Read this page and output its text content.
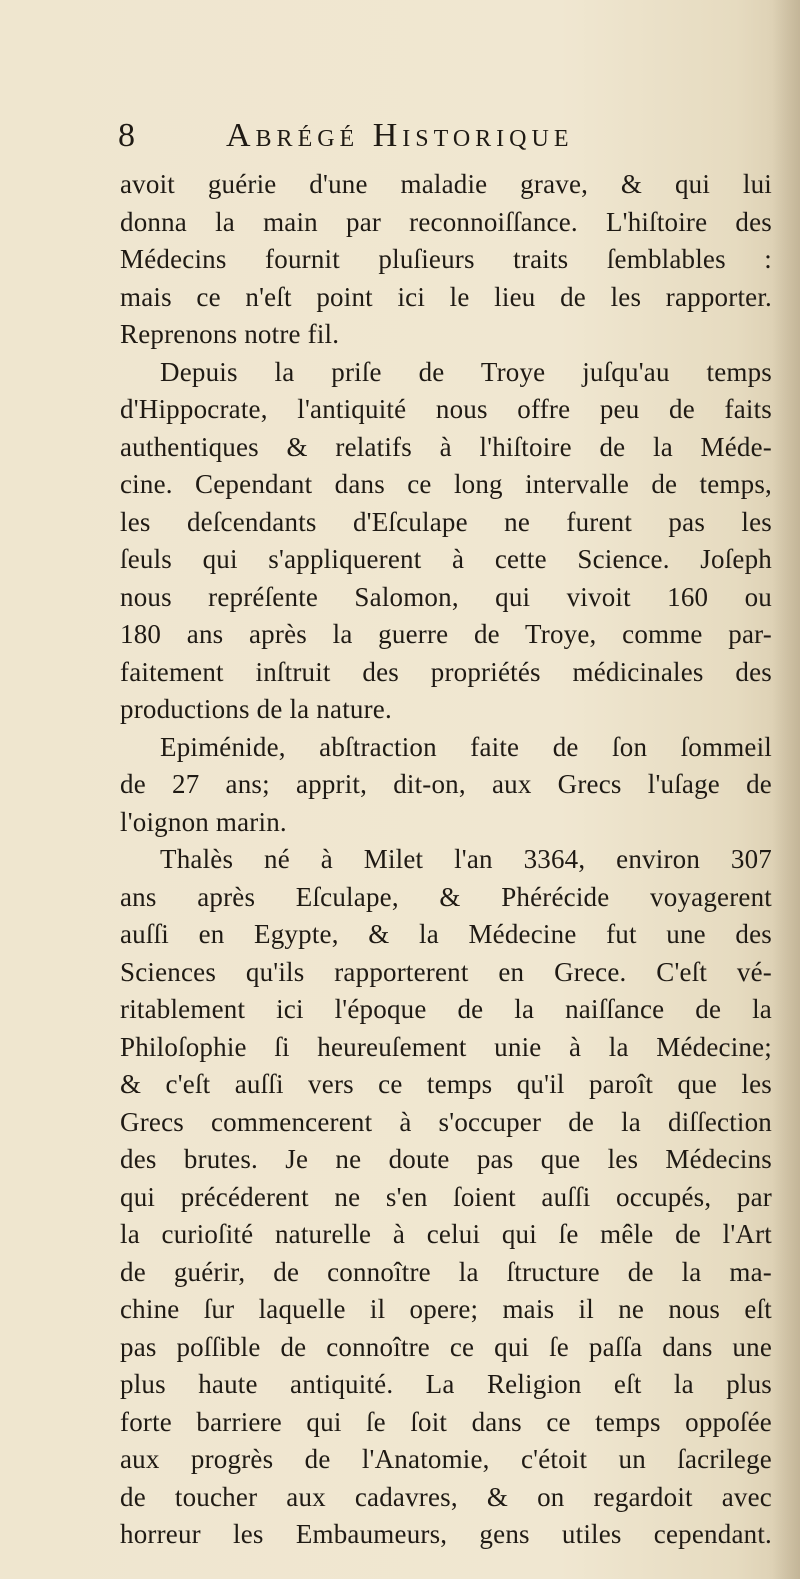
8	Abrégé Historique
avoit guérie d'une maladie grave, & qui lui
donna la main par reconnoiſſance. L'hiſtoire des
Médecins fournit pluſieurs traits ſemblables :
mais ce n'eſt point ici le lieu de les rapporter.
Reprenons notre fil.
Depuis la priſe de Troye juſqu'au temps
d'Hippocrate, l'antiquité nous offre peu de faits
authentiques & relatifs à l'hiſtoire de la Méde-
cine. Cependant dans ce long intervalle de temps,
les deſcendants d'Eſculape ne furent pas les
ſeuls qui s'appliquerent à cette Science. Joſeph
nous repréſente Salomon, qui vivoit 160 ou
180 ans après la guerre de Troye, comme par-
faitement inſtruit des propriétés médicinales des
productions de la nature.
Epiménide, abſtraction faite de ſon ſommeil
de 27 ans; apprit, dit-on, aux Grecs l'uſage de
l'oignon marin.
Thalès né à Milet l'an 3364, environ 307
ans après Eſculape, & Phérécide voyagerent
auſſi en Egypte, & la Médecine fut une des
Sciences qu'ils rapporterent en Grece. C'eſt vé-
ritablement ici l'époque de la naiſſance de la
Philoſophie ſi heureuſement unie à la Médecine;
& c'eſt auſſi vers ce temps qu'il paroît que les
Grecs commencerent à s'occuper de la diſſection
des brutes. Je ne doute pas que les Médecins
qui précéderent ne s'en ſoient auſſi occupés, par
la curioſité naturelle à celui qui ſe mêle de l'Art
de guérir, de connoître la ſtructure de la ma-
chine ſur laquelle il opere; mais il ne nous eſt
pas poſſible de connoître ce qui ſe paſſa dans une
plus haute antiquité. La Religion eſt la plus
forte barriere qui ſe ſoit dans ce temps oppoſée
aux progrès de l'Anatomie, c'étoit un ſacrilege
de toucher aux cadavres, & on regardoit avec
horreur les Embaumeurs, gens utiles cependant.
